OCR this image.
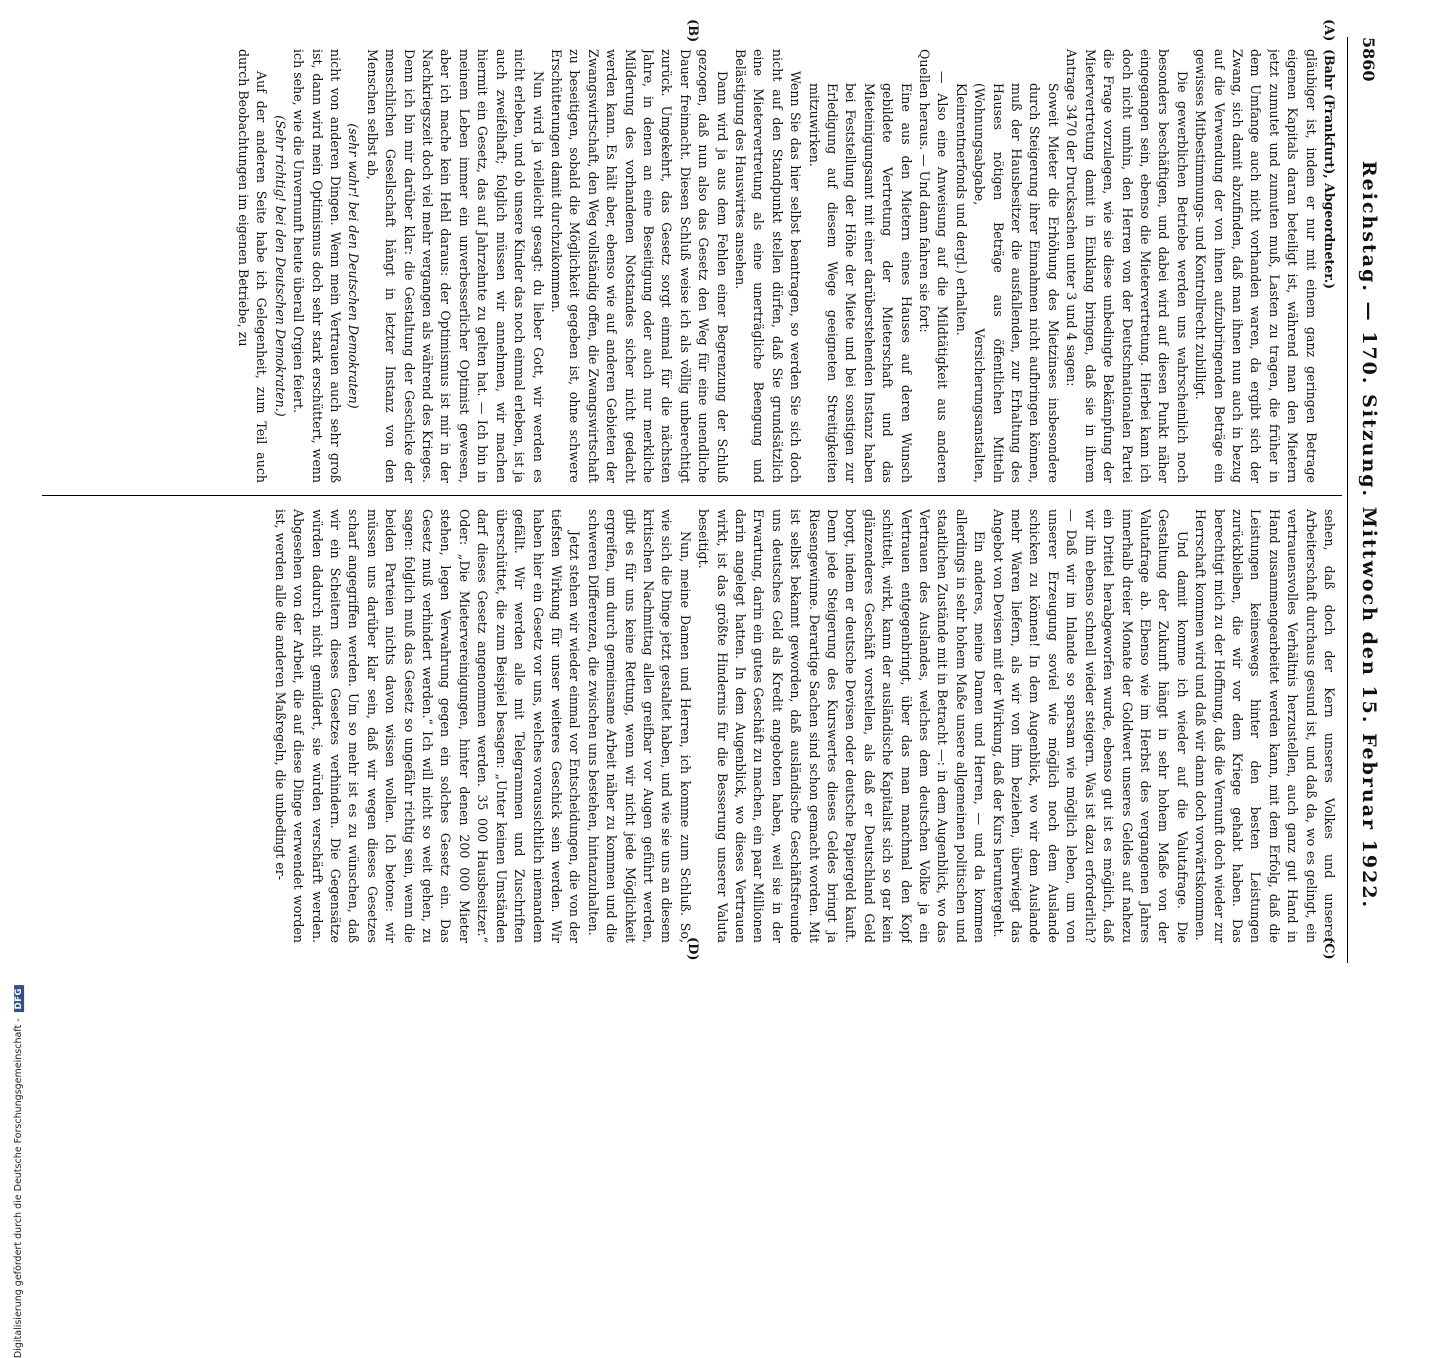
5860
Reichstag. — 170. Sitzung. Mittwoch den 15. Februar 1922.
(A)
(B)
(C)
(D)

(Bahr (Frankfurt), Abgeordneter.)

gläubiger ist, indem er nur mit einem ganz geringen Betrage eigenen Kapitals daran beteiligt ist, während man den Mietern jetzt zumutet und zumuten muß, Lasten zu tragen, die früher in dem Umfange auch nicht vorhanden waren, da ergibt sich der Zwang, sich damit abzufinden, daß man ihnen nun auch in bezug auf die Verwendung der von ihnen aufzubringenden Beträge ein gewisses Mitbestimmungs- und Kontrollrecht zubilligt.

Die gewerblichen Betriebe werden uns wahrscheinlich noch besonders beschäftigen, und dabei wird auf diesen Punkt näher eingegangen sein, ebenso die Mietervertretung. Hierbei kann ich doch nicht umhin, den Herren von der Deutschnationalen Partei die Frage vorzulegen, wie sie diese unbedingte Bekämpfung der Mietervertretung damit in Einklang bringen, daß sie in ihrem Antrage 3470 der Drucksachen unter 3 und 4 sagen:

Soweit Mieter die Erhöhung des Mietzinses insbesondere durch Steigerung ihrer Einnahmen nicht aufbringen können, muß der Hausbesitzer die ausfallenden, zur Erhaltung des Hauses nötigen Beträge aus öffentlichen Mitteln (Wohnungsabgabe, Versicherungsanstalten, Kleinrentnerfonds und dergl.) erhalten.

— Also eine Anweisung auf die Mildtätigkeit aus anderen Quellen heraus. — Und dann fahren sie fort:

Eine aus den Mietern eines Hauses auf deren Wunsch gebildete Vertretung der Mieterschaft und das Mieteinigungsamt mit einer darüberstehenden Instanz haben bei Feststellung der Höhe der Miete und bei sonstigen zur Erledigung auf diesem Wege geeigneten Streitigkeiten mitzuwirken.

Wenn Sie das hier selbst beantragen, so werden Sie sich doch nicht auf den Standpunkt stellen dürfen, daß Sie grundsätzlich eine Mietervertretung als eine unerträgliche Beengung und Belästigung des Hauswirtes ansehen.

Dann wird ja aus dem Fehlen einer Begrenzung der Schluß gezogen, daß nun also das Gesetz den Weg für eine unendliche Dauer freimacht. Diesen Schluß weise ich als völlig unberechtigt zurück. Umgekehrt, das Gesetz sorgt einmal für die nächsten Jahre, in denen an eine Beseitigung oder auch nur merkliche Milderung des vorhandenen Notstandes sicher nicht gedacht werden kann. Es hält aber, ebenso wie auf anderen Gebieten der Zwangswirtschaft, den Weg vollständig offen, die Zwangswirtschaft zu beseitigen, sobald die Möglichkeit gegeben ist, ohne schwere Erschütterungen damit durchzukommen.

Nun wird ja vielleicht gesagt: du lieber Gott, wir werden es nicht erleben, und ob unsere Kinder das noch einmal erleben, ist ja auch zweifelhaft; folglich müssen wir annehmen, wir machen hiermit ein Gesetz, das auf Jahrzehnte zu gelten hat. — Ich bin in meinem Leben immer ein unverbesserlicher Optimist gewesen, aber ich mache kein Hehl daraus: der Optimismus ist mir in der Nachkriegszeit doch viel mehr vergangen als während des Krieges. Denn ich bin mir darüber klar: die Gestaltung der Geschicke der menschlichen Gesellschaft hängt in letzter Instanz von den Menschen selbst ab,

(sehr wahr! bei den Deutschen Demokraten)

nicht von anderen Dingen. Wenn mein Vertrauen auch sehr groß ist, dann wird mein Optimismus doch sehr stark erschüttert, wenn ich sehe, wie die Unvernunft heute überall Orgien feiert.

(Sehr richtig! bei den Deutschen Demokraten.)

Auf der anderen Seite habe ich Gelegenheit, zum Teil auch durch Beobachtungen im eigenen Betriebe, zu

sehen, daß doch der Kern unseres Volkes und unserer Arbeiterschaft durchaus gesund ist, und daß da, wo es gelingt, ein vertrauensvolles Verhältnis herzustellen, auch ganz gut Hand in Hand zusammengearbeitet werden kann, mit dem Erfolg, daß die Leistungen keineswegs hinter den besten Leistungen zurückbleiben, die wir vor dem Kriege gehabt haben. Das berechtigt mich zu der Hoffnung, daß die Vernunft doch wieder zur Herrschaft kommen wird und daß wir dann doch vorwärtskommen.

Und damit komme ich wieder auf die Valutafrage. Die Gestaltung der Zukunft hängt in sehr hohem Maße von der Valutafrage ab. Ebenso wie im Herbst des vergangenen Jahres innerhalb dreier Monate der Goldwert unseres Geldes auf nahezu ein Drittel herabgeworfen wurde, ebenso gut ist es möglich, daß wir ihn ebenso schnell wieder steigern. Was ist dazu erforderlich? — Daß wir im Inlande so sparsam wie möglich leben, um von unserer Erzeugung soviel wie möglich noch dem Auslande schicken zu können! In dem Augenblick, wo wir dem Auslande mehr Waren liefern, als wir von ihm beziehen, überwiegt das Angebot von Devisen mit der Wirkung, daß der Kurs heruntergeht.

Ein anderes, meine Damen und Herren, — und da kommen allerdings in sehr hohem Maße unsere allgemeinen politischen und staatlichen Zustände mit in Betracht —: in dem Augenblick, wo das Vertrauen des Auslandes, welches dem deutschen Volke ja ein Vertrauen entgegenbringt, über das man manchmal den Kopf schüttelt, wirkt, kann der ausländische Kapitalist sich so gar kein glänzenderes Geschäft vorstellen, als daß er Deutschland Geld borgt, indem er deutsche Devisen oder deutsche Papiergeld kauft. Denn jede Steigerung des Kurswertes dieses Geldes bringt ja Riesengewinne. Derartige Sachen sind schon gemacht worden. Mit ist selbst bekannt geworden, daß ausländische Geschäftsfreunde uns deutsches Geld als Kredit angeboten haben, weil sie in der Erwartung, darin ein gutes Geschäft zu machen, ein paar Millionen darin angelegt hatten. In dem Augenblick, wo dieses Vertrauen wirkt, ist das größte Hindernis für die Besserung unserer Valuta beseitigt.

Nun, meine Damen und Herren, ich komme zum Schluß. So, wie sich die Dinge jetzt gestaltet haben, und wie sie uns an diesem kritischen Nachmittag allen greifbar vor Augen geführt werden, gibt es für uns keine Rettung, wenn wir nicht jede Möglichkeit ergreifen, um durch gemeinsame Arbeit näher zu kommen und die schweren Differenzen, die zwischen uns bestehen, hintanzuhalten.

Jetzt stehen wir wieder einmal vor Entscheidungen, die von der tiefsten Wirkung für unser weiteres Geschick sein werden. Wir haben hier ein Gesetz vor uns, welches voraussichtlich niemandem gefällt. Wir werden alle mit Telegrammen und Zuschriften überschüttet, die zum Beispiel besagen: „Unter keinen Umständen darf dieses Gesetz angenommen werden. 35 000 Hausbesitzer.“ Oder: „Die Mietervereinigungen, hinter denen 200 000 Mieter stehen, legen Verwahrung gegen ein solches Gesetz ein. Das Gesetz muß verhindert werden.“ Ich will nicht so weit gehen, zu sagen: folglich muß das Gesetz so ungefähr richtig sein, wenn die beiden Parteien nichts davon wissen wollen. Ich betone: wir müssen uns darüber klar sein, daß wir wegen dieses Gesetzes scharf angegriffen werden. Um so mehr ist es zu wünschen, daß wir ein Scheitern dieses Gesetzes verhindern. Die Gegensätze würden dadurch nicht gemildert, sie würden verschärft werden. Abgesehen von der Arbeit, die auf diese Dinge verwendet worden ist, werden alle die anderen Maßregeln, die unbedingt er-

Digitalisierung gefördert durch die Deutsche Forschungsgemeinschaft -DFG
